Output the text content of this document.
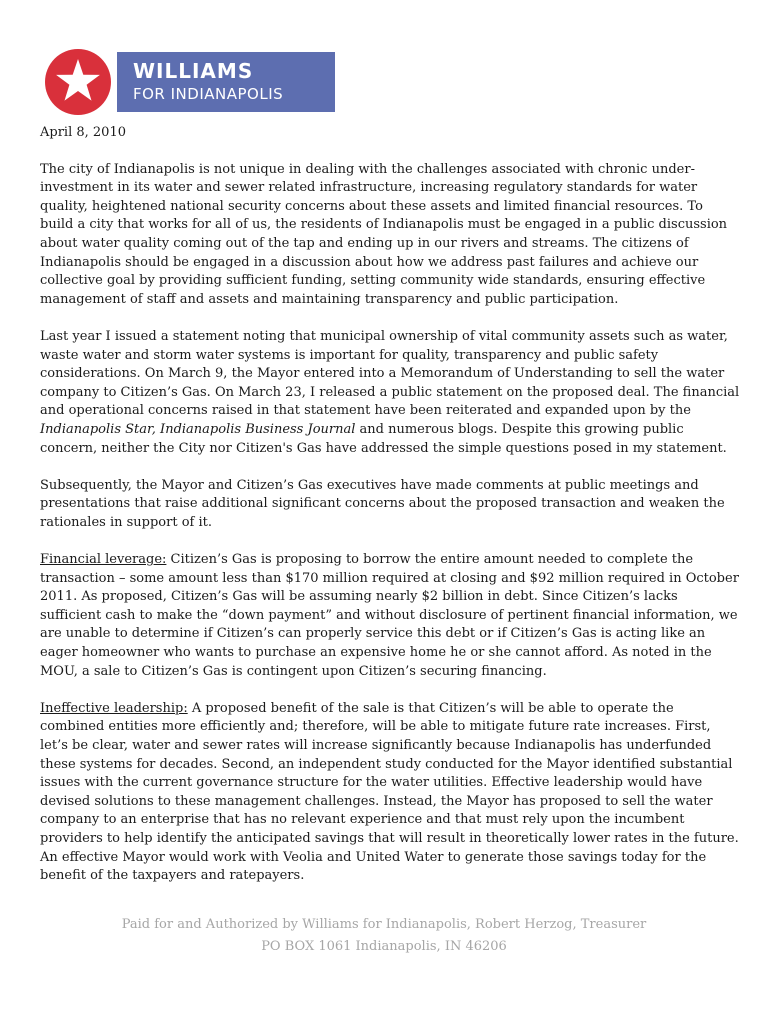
WILLIAMS
FOR INDIANAPOLIS

April 8, 2010

The city of Indianapolis is not unique in dealing with the challenges associated with chronic under-investment in its water and sewer related infrastructure, increasing regulatory standards for water quality, heightened national security concerns about these assets and limited financial resources. To build a city that works for all of us, the residents of Indianapolis must be engaged in a public discussion about water quality coming out of the tap and ending up in our rivers and streams. The citizens of Indianapolis should be engaged in a discussion about how we address past failures and achieve our collective goal by providing sufficient funding, setting community wide standards, ensuring effective management of staff and assets and maintaining transparency and public participation.

Last year I issued a statement noting that municipal ownership of vital community assets such as water, waste water and storm water systems is important for quality, transparency and public safety considerations. On March 9, the Mayor entered into a Memorandum of Understanding to sell the water company to Citizen’s Gas. On March 23, I released a public statement on the proposed deal. The financial and operational concerns raised in that statement have been reiterated and expanded upon by the Indianapolis Star, Indianapolis Business Journal and numerous blogs. Despite this growing public concern, neither the City nor Citizen's Gas have addressed the simple questions posed in my statement.

Subsequently, the Mayor and Citizen’s Gas executives have made comments at public meetings and presentations that raise additional significant concerns about the proposed transaction and weaken the rationales in support of it.

Financial leverage: Citizen’s Gas is proposing to borrow the entire amount needed to complete the transaction – some amount less than $170 million required at closing and $92 million required in October 2011. As proposed, Citizen’s Gas will be assuming nearly $2 billion in debt. Since Citizen’s lacks sufficient cash to make the “down payment” and without disclosure of pertinent financial information, we are unable to determine if Citizen’s can properly service this debt or if Citizen’s Gas is acting like an eager homeowner who wants to purchase an expensive home he or she cannot afford. As noted in the MOU, a sale to Citizen’s Gas is contingent upon Citizen’s securing financing.

Ineffective leadership: A proposed benefit of the sale is that Citizen’s will be able to operate the combined entities more efficiently and; therefore, will be able to mitigate future rate increases. First, let’s be clear, water and sewer rates will increase significantly because Indianapolis has underfunded these systems for decades. Second, an independent study conducted for the Mayor identified substantial issues with the current governance structure for the water utilities. Effective leadership would have devised solutions to these management challenges. Instead, the Mayor has proposed to sell the water company to an enterprise that has no relevant experience and that must rely upon the incumbent providers to help identify the anticipated savings that will result in theoretically lower rates in the future. An effective Mayor would work with Veolia and United Water to generate those savings today for the benefit of the taxpayers and ratepayers.

Paid for and Authorized by Williams for Indianapolis, Robert Herzog, Treasurer
PO BOX 1061 Indianapolis, IN 46206
